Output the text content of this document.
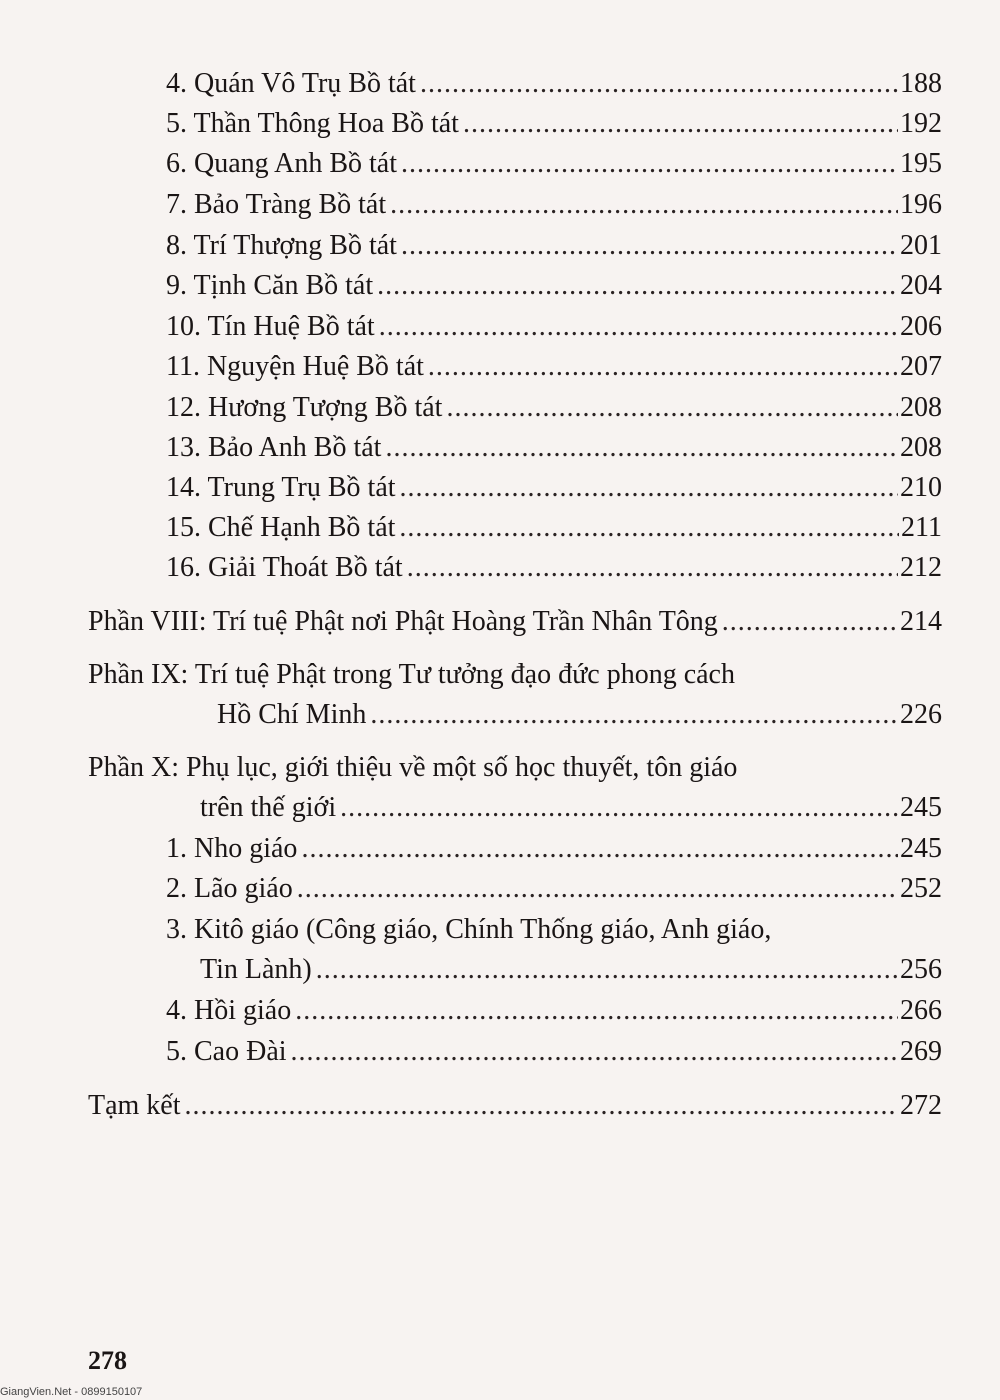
4. Quán Vô Trụ Bồ tát .....	188
5. Thần Thông Hoa Bồ tát .....	192
6. Quang Anh Bồ tát .....	195
7. Bảo Tràng Bồ tát .....	196
8. Trí Thượng Bồ tát .....	201
9. Tịnh Căn Bồ tát .....	204
10. Tín Huệ Bồ tát .....	206
11. Nguyện Huệ Bồ tát .....	207
12. Hương Tượng Bồ tát .....	208
13. Bảo Anh Bồ tát .....	208
14. Trung Trụ Bồ tát .....	210
15. Chế Hạnh Bồ tát .....	211
16. Giải Thoát Bồ tát .....	212
Phần VIII: Trí tuệ Phật nơi Phật Hoàng Trần Nhân Tông .....	214
Phần IX: Trí tuệ Phật trong Tư tưởng đạo đức phong cách
Hồ Chí Minh .....	226
Phần X: Phụ lục, giới thiệu về một số học thuyết, tôn giáo
trên thế giới .....	245
1. Nho giáo .....	245
2. Lão giáo .....	252
3. Kitô giáo (Công giáo, Chính Thống giáo, Anh giáo,
Tin Lành) .....	256
4. Hồi giáo .....	266
5. Cao Đài .....	269
Tạm kết .....	272
278
GiangVien.Net - 0899150107
